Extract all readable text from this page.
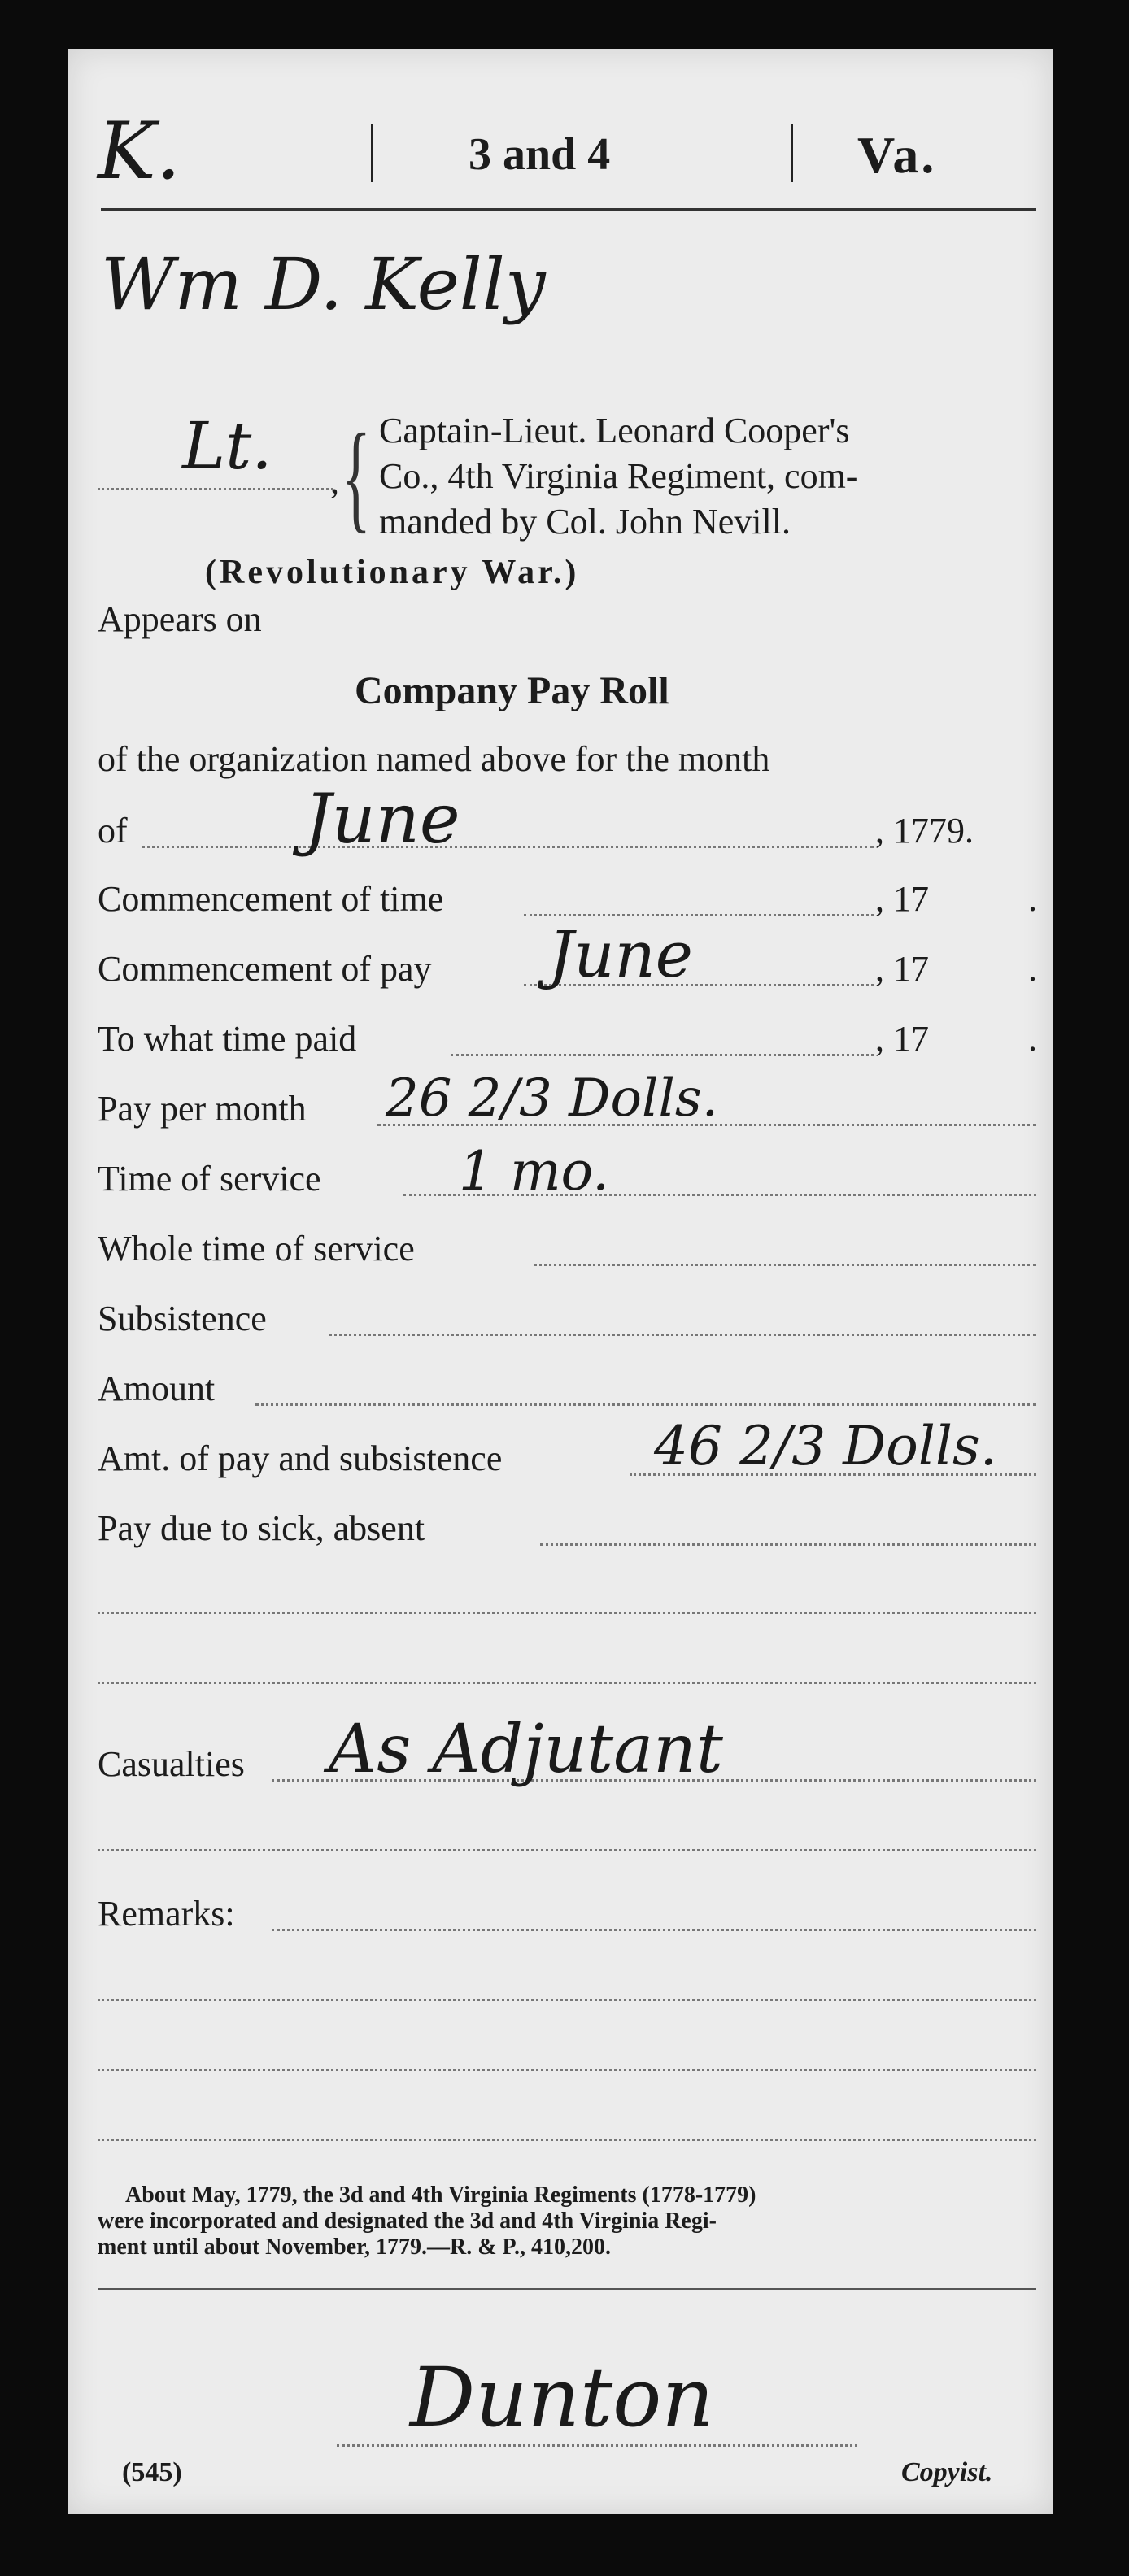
K.	3 and 4	Va.
Wm D. Kelly
Lt. , { Captain-Lieut. Leonard Cooper's
Co., 4th Virginia Regiment, com-
manded by Col. John Nevill.
(Revolutionary War.)
Appears on
Company Pay Roll
of the organization named above for the month
of	June	, 1779.
Commencement of time	, 17	.
Commencement of pay June	, 17	.
To what time paid	, 17	.
Pay per month 26 2/3 Dolls.
Time of service	1 mo.
Whole time of service
Subsistence
Amount
Amt. of pay and subsistence	46 2/3 Dolls.
Pay due to sick, absent
Casualties As Adjutant
Remarks:
About May, 1779, the 3d and 4th Virginia Regiments (1778-1779)
were incorporated and designated the 3d and 4th Virginia Regi-
ment until about November, 1779.—R. & P., 410,200.
Dunton
(545)	Copyist.
